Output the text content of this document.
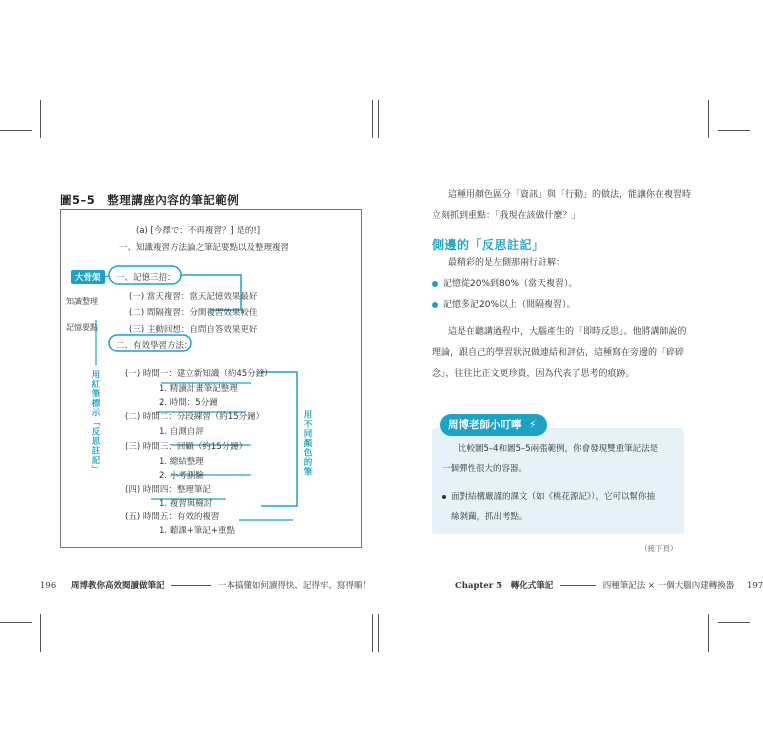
圖5–5 整理講座內容的筆記範例
(a) [今擇で：不再複習？] 是的!]
一、知識複習方法論之筆記要點以及整理複習
一、記憶三招：
(一) 當天複習：當天記憶效果最好
(二) 間隔複習：分開複習效果較佳
(三) 主動回想：自問自答效果更好
二、有效學習方法：
(一) 時間一：建立新知識（約45分鐘）
1. 精讀計畫筆記整理
2. 時間：5分鐘
(二) 時間二：分段練習（約15分鐘）
1. 自測自評
(三) 時間三：回顧（約15分鐘）
1. 總結整理
2. 小考測驗
(四) 時間四：整理筆記
1. 複習與檢討
(五) 時間五：有效的複習
1. 聽課+筆記+重點
知識整理
記憶要點
大骨架
用紅筆標示「反思註記」	用不同顏色的筆
196 周博教你高效閱讀做筆記	一本搞懂如何讀得快、記得牢、寫得順！
這種用顏色區分「資訊」與「行動」的做法，能讓你在複習時
立刻抓到重點：「我現在該做什麼？」
側邊的「反思註記」
最精彩的是左側那兩行註解：
記憶從20%到80%（當天複習）。
記憶多記20%以上（間隔複習）。
這是在聽講過程中，大腦產生的「即時反思」。他將講師說的
理論，跟自己的學習狀況做連結和評估，這種寫在旁邊的「碎碎
念」，往往比正文更珍貴，因為代表了思考的痕跡。
周博老師小叮嚀 ⚡
比較圖5–4和圖5–5兩張範例，你會發現雙重筆記法是
一個彈性很大的容器。
面對結構嚴謹的課文（如《桃花源記》），它可以幫你抽
絲剝繭，抓出考點。
（接下頁）
Chapter 5 轉化式筆記	四種筆記法 × 一個大腦內建轉換器 197
